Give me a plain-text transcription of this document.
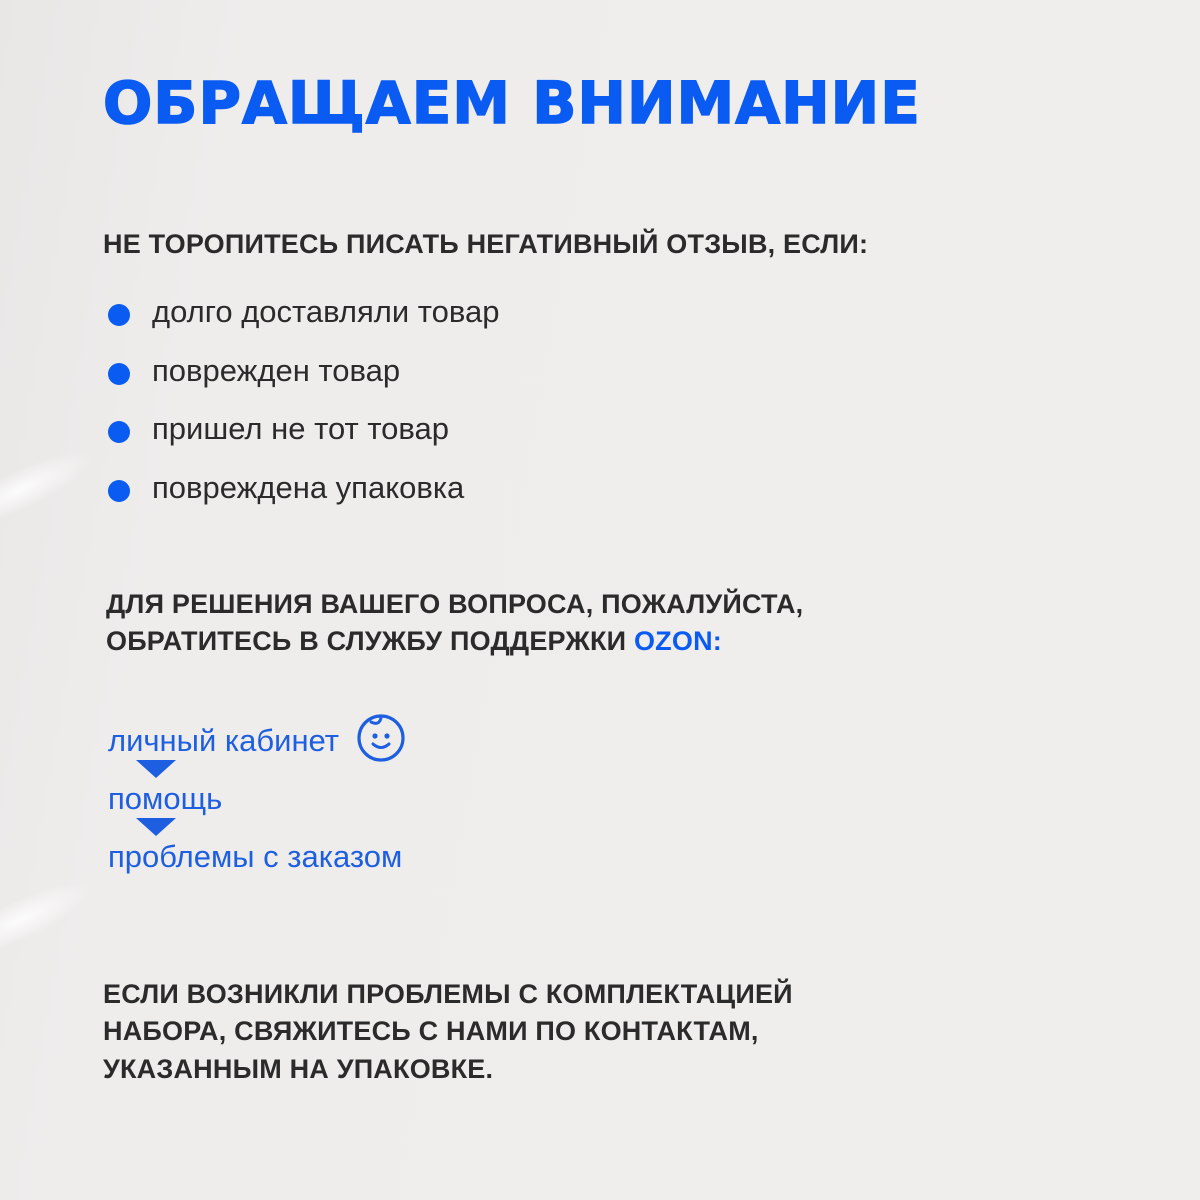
ОБРАЩАЕМ ВНИМАНИЕ

НЕ ТОРОПИТЕСЬ ПИСАТЬ НЕГАТИВНЫЙ ОТЗЫВ, ЕСЛИ:

долго доставляли товар
поврежден товар
пришел не тот товар
повреждена упаковка

ДЛЯ РЕШЕНИЯ ВАШЕГО ВОПРОСА, ПОЖАЛУЙСТА,
ОБРАТИТЕСЬ В СЛУЖБУ ПОДДЕРЖКИ OZON:

личный кабинет
помощь
проблемы с заказом

ЕСЛИ ВОЗНИКЛИ ПРОБЛЕМЫ С КОМПЛЕКТАЦИЕЙ
НАБОРА, СВЯЖИТЕСЬ С НАМИ ПО КОНТАКТАМ,
УКАЗАННЫМ НА УПАКОВКЕ.
